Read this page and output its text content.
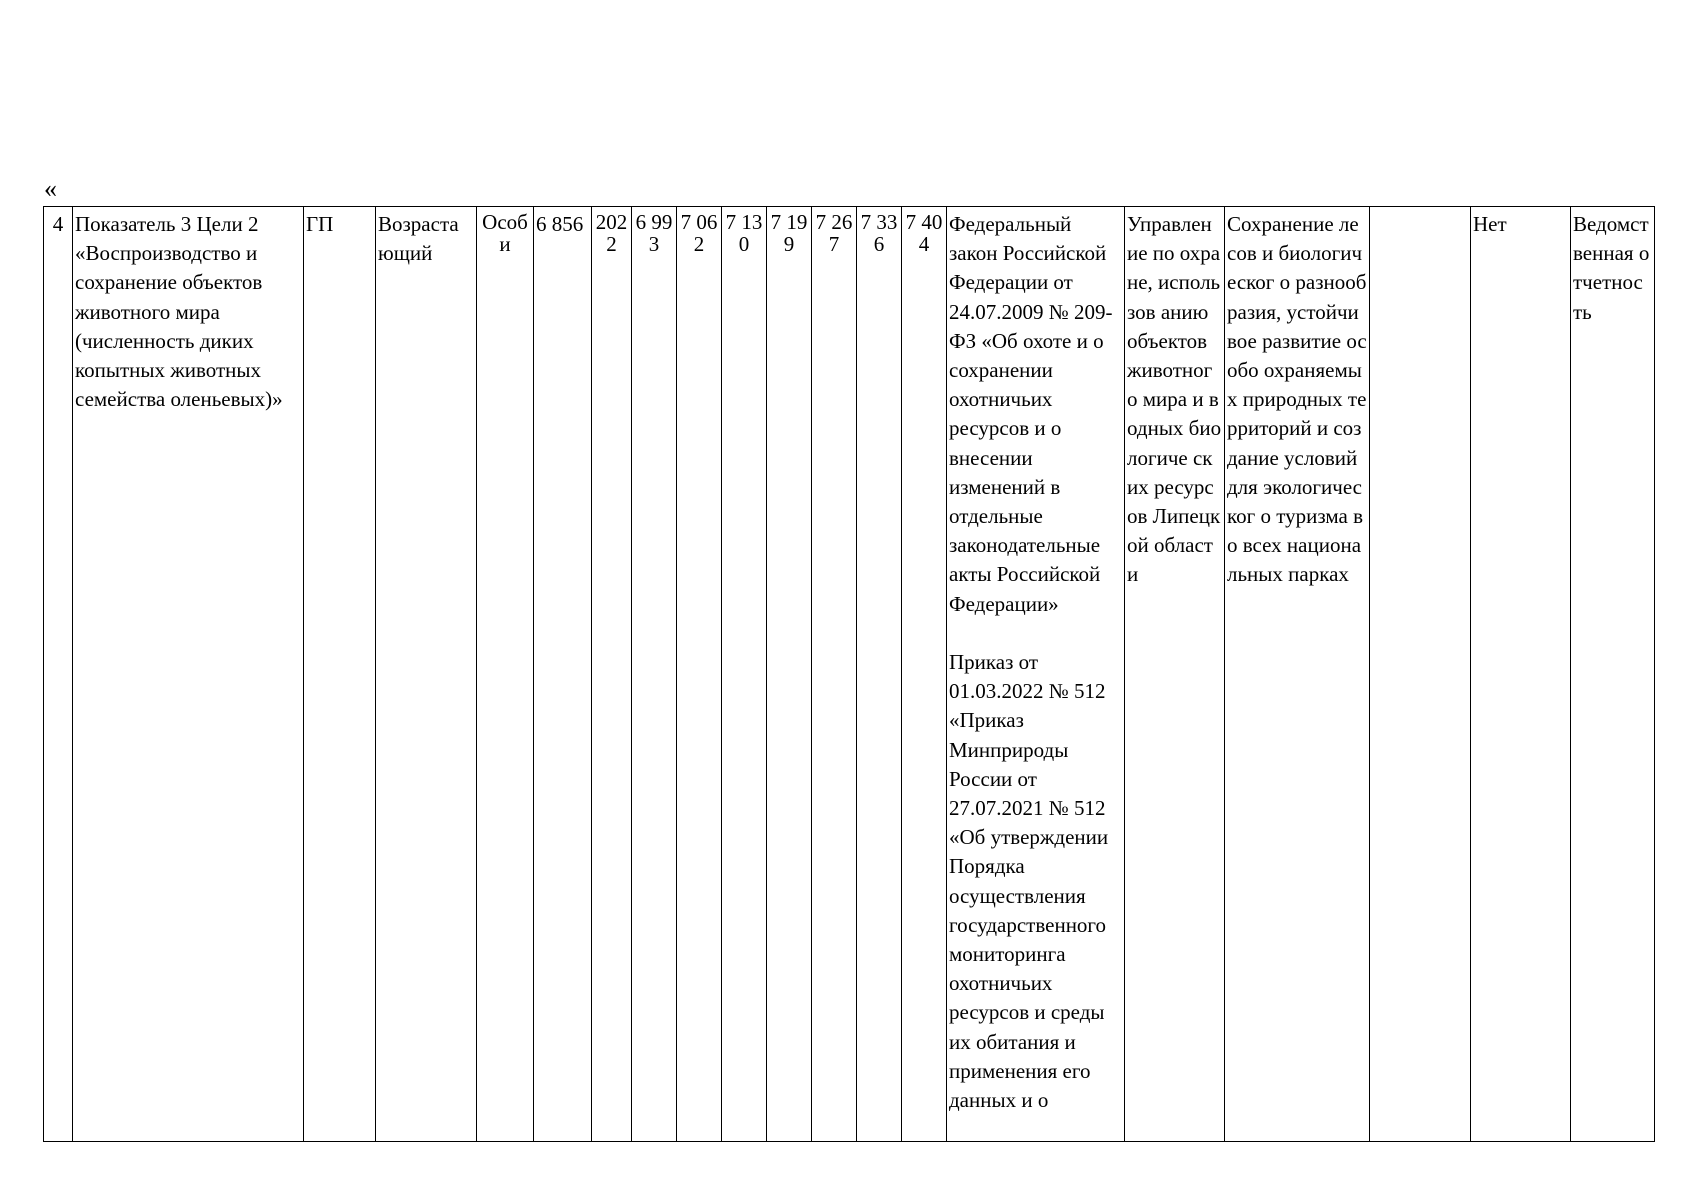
«
4	Показатель 3 Цели 2 «Воспроизводство и сохранение объектов животного мира (численность диких копытных животных семейства оленьевых)»	ГП	Возраста ющий	Особ и	6 856	202 2	6 99 3	7 06 2	7 13 0	7 19 9	7 26 7	7 33 6	7 40 4	Федеральный закон Российской Федерации от 24.07.2009 № 209-ФЗ «Об охоте и о сохранении охотничьих ресурсов и о внесении изменений в отдельные законодательные акты Российской Федерации»

Приказ от 01.03.2022 № 512 «Приказ Минприроды России от 27.07.2021 № 512 «Об утверждении Порядка осуществления государственного мониторинга охотничьих ресурсов и среды их обитания и применения его данных и о	Управлен ие по охране, использов анию объектов животног о мира и водных биологиче ских ресурсов Липецкой области	Сохранение лесов и биологическог о разнообразия, устойчивое развитие особо охраняемых природных территорий и создание условий для экологическог о туризма во всех национальных парках		Нет	Ведомст венная отчетнос ть
